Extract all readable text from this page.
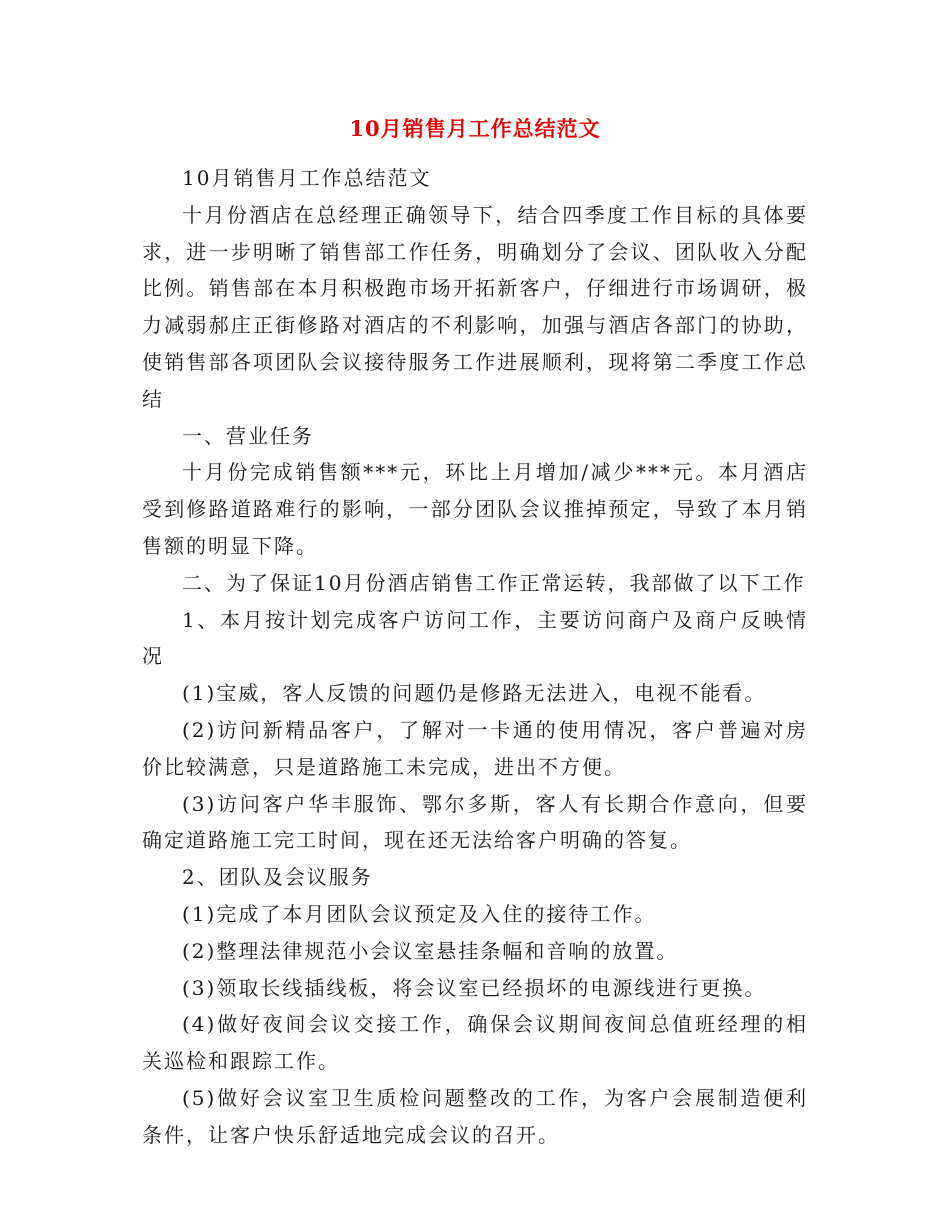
10月销售月工作总结范文

10月销售月工作总结范文

十月份酒店在总经理正确领导下，结合四季度工作目标的具体要求，进一步明晰了销售部工作任务，明确划分了会议、团队收入分配比例。销售部在本月积极跑市场开拓新客户，仔细进行市场调研，极力减弱郝庄正街修路对酒店的不利影响，加强与酒店各部门的协助，使销售部各项团队会议接待服务工作进展顺利，现将第二季度工作总结

一、营业任务

十月份完成销售额***元，环比上月增加/减少***元。本月酒店受到修路道路难行的影响，一部分团队会议推掉预定，导致了本月销售额的明显下降。

二、为了保证10月份酒店销售工作正常运转，我部做了以下工作

1、本月按计划完成客户访问工作，主要访问商户及商户反映情况

(1)宝威，客人反馈的问题仍是修路无法进入，电视不能看。

(2)访问新精品客户，了解对一卡通的使用情况，客户普遍对房价比较满意，只是道路施工未完成，进出不方便。

(3)访问客户华丰服饰、鄂尔多斯，客人有长期合作意向，但要确定道路施工完工时间，现在还无法给客户明确的答复。

2、团队及会议服务

(1)完成了本月团队会议预定及入住的接待工作。

(2)整理法律规范小会议室悬挂条幅和音响的放置。

(3)领取长线插线板，将会议室已经损坏的电源线进行更换。

(4)做好夜间会议交接工作，确保会议期间夜间总值班经理的相关巡检和跟踪工作。

(5)做好会议室卫生质检问题整改的工作，为客户会展制造便利条件，让客户快乐舒适地完成会议的召开。
